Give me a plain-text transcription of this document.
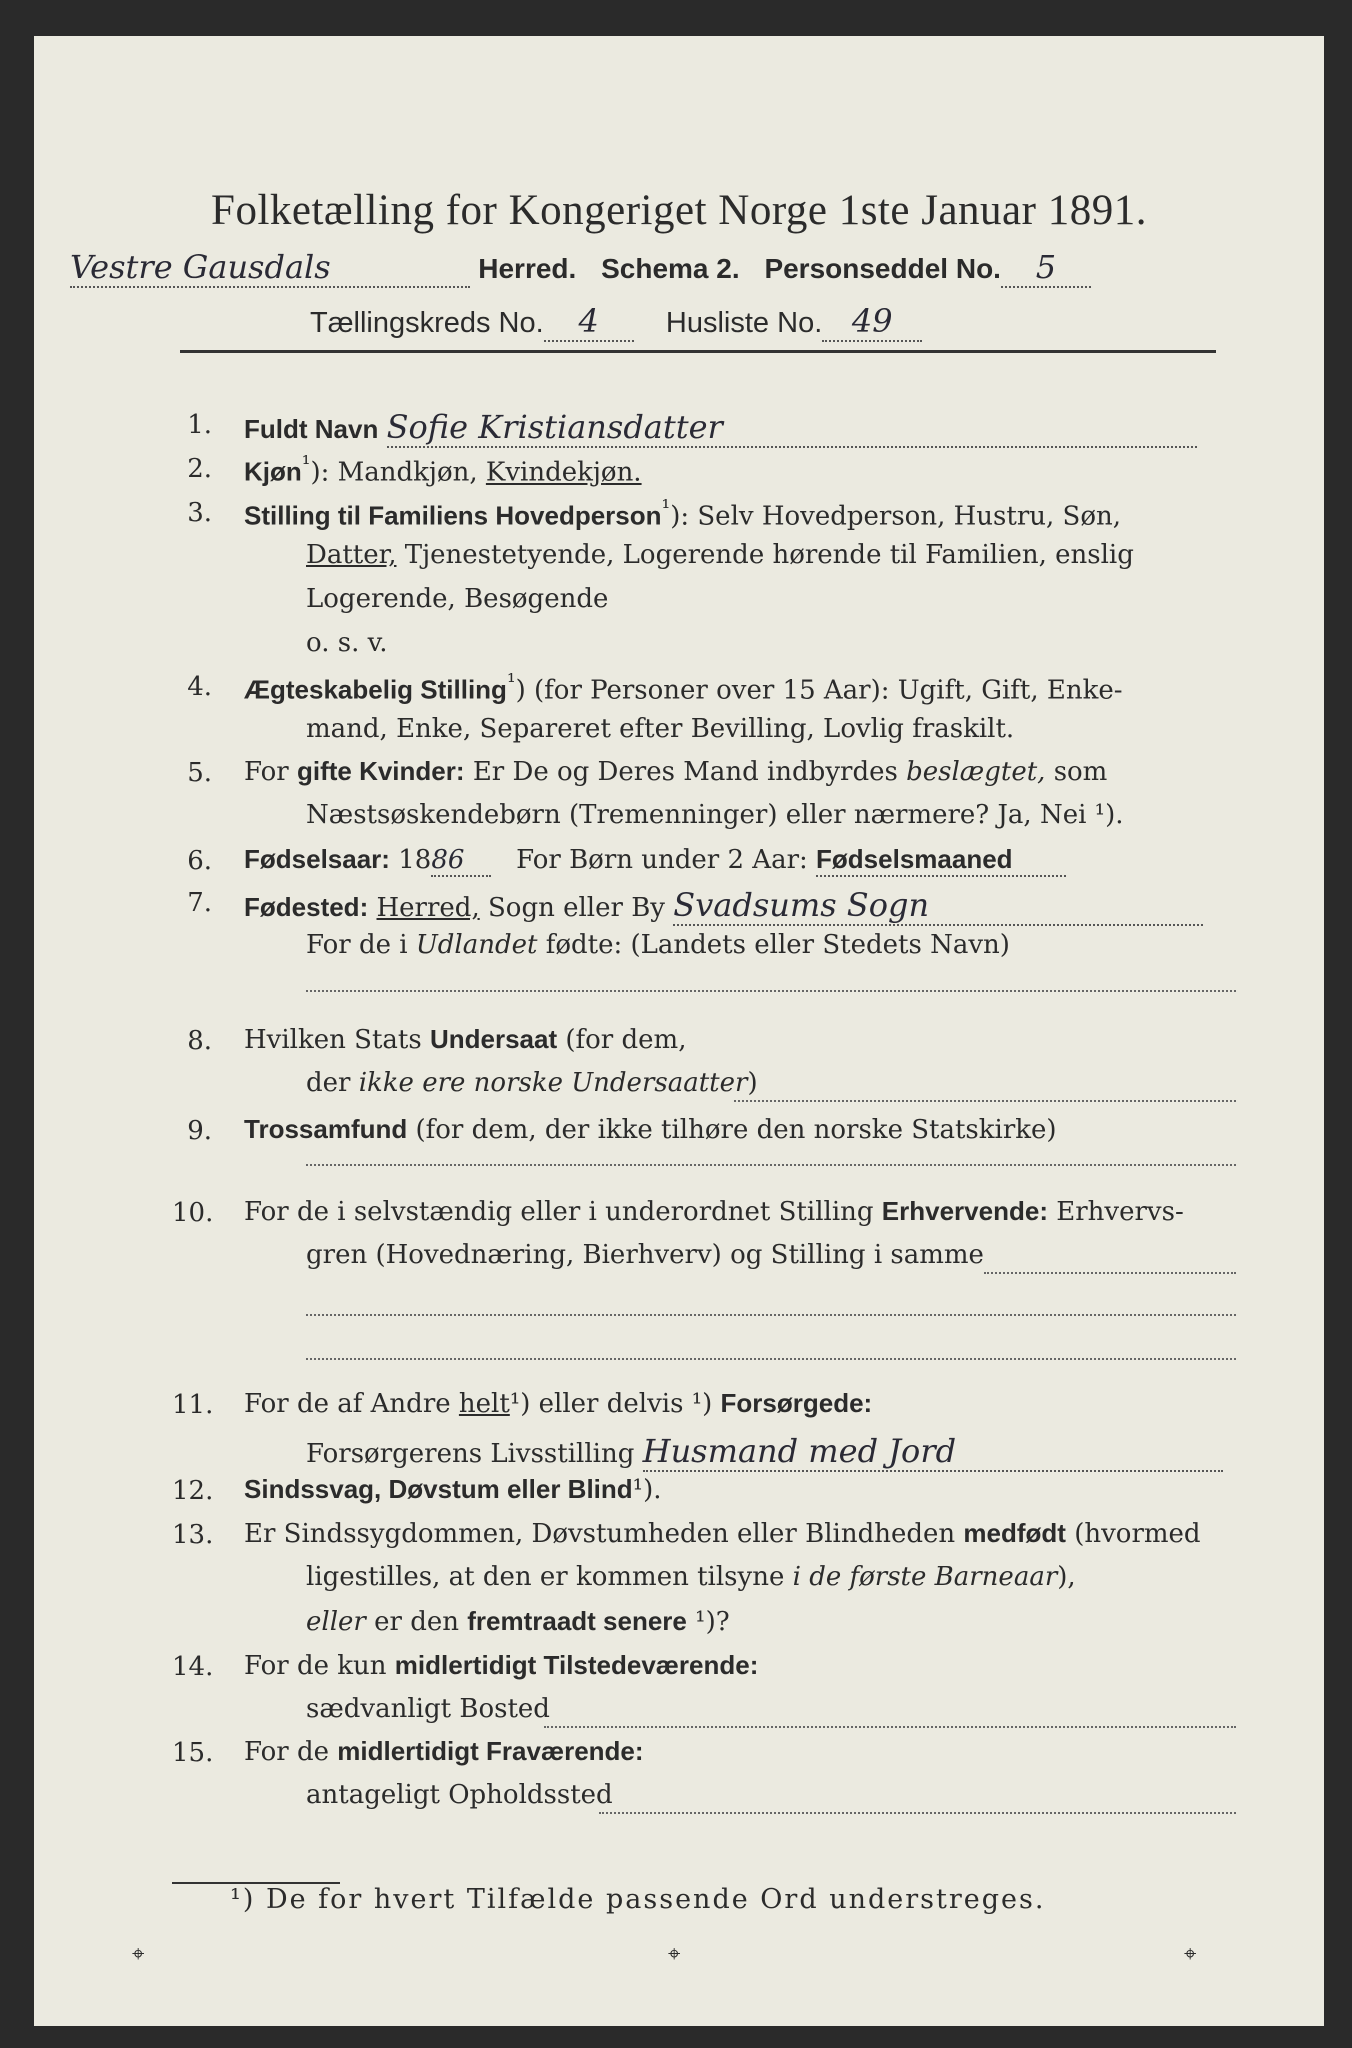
Folketælling for Kongeriget Norge 1ste Januar 1891.
Vestre Gausdals	Herred. Schema 2. Personseddel No. 5
Tællingskreds No. 4 Husliste No. 49
1. Fuldt Navn Sofie Kristiansdatter
2. Kjøn$^{^1}$): Mandkjøn, Kvindekjøn.
3. Stilling til Familiens Hovedperson$^{^1}$): Selv Hovedperson, Hustru, Søn,
Datter, Tjenestetyende, Logerende hørende til Familien, enslig
Logerende, Besøgende
o. s. v.
4. Ægteskabelig Stilling$^{^1}$) (for Personer over 15 Aar): Ugift, Gift, Enke-
mand, Enke, Separeret efter Bevilling, Lovlig fraskilt.
5. For gifte Kvinder: Er De og Deres Mand indbyrdes beslægtet, som
Næstsøskendebørn (Tremenninger) eller nærmere? Ja, Nei ¹).
6. Fødselsaar: 1886 For Børn under 2 Aar: Fødselsmaaned
7. Fødested: Herred, Sogn eller By Svadsums Sogn
For de i Udlandet fødte: (Landets eller Stedets Navn)
8. Hvilken Stats Undersaat (for dem,
der ikke ere norske Undersaatter)
9. Trossamfund (for dem, der ikke tilhøre den norske Statskirke)
10. For de i selvstændig eller i underordnet Stilling Erhvervende: Erhvervs-
gren (Hovednæring, Bierhverv) og Stilling i samme
11. For de af Andre helt¹) eller delvis ¹) Forsørgede:
Forsørgerens Livsstilling Husmand med Jord
12. Sindssvag, Døvstum eller Blind¹).
13. Er Sindssygdommen, Døvstumheden eller Blindheden medfødt (hvormed
ligestilles, at den er kommen tilsyne i de første Barneaar),
eller er den fremtraadt senere ¹)?
14. For de kun midlertidigt Tilstedeværende:
sædvanligt Bosted
15. For de midlertidigt Fraværende:
antageligt Opholdssted
¹) De for hvert Tilfælde passende Ord understreges.
⌖	⌖	⌖
